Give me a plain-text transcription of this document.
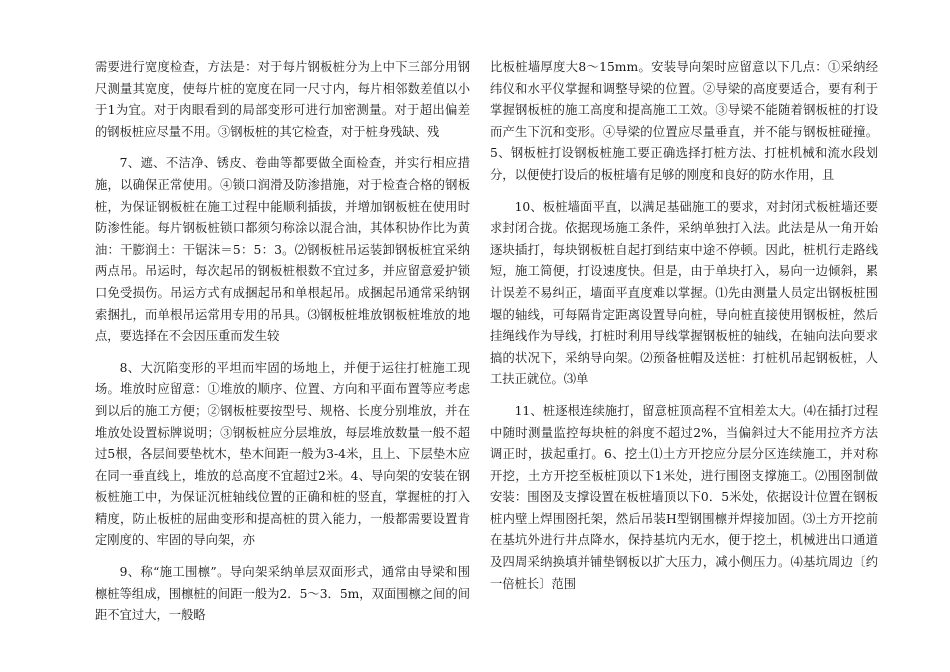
需要进行宽度检查，方法是：对于每片钢板桩分为上中下三部分用钢尺测量其宽度，使每片桩的宽度在同一尺寸内，每片相邻数差值以小于1为宜。对于肉眼看到的局部变形可进行加密测量。对于超出偏差的钢板桩应尽量不用。③钢板桩的其它检查，对于桩身残缺、残

7、遮、不洁净、锈皮、卷曲等都要做全面检查，并实行相应措施，以确保正常使用。④锁口润滑及防渗措施，对于检查合格的钢板桩，为保证钢板桩在施工过程中能顺利插拔，并增加钢板桩在使用时防渗性能。每片钢板桩锁口都须匀称涂以混合油，其体积协作比为黄油：干膨润土：干锯沫＝5：5：3。⑵钢板桩吊运装卸钢板桩宜采纳两点吊。吊运时，每次起吊的钢板桩根数不宜过多，并应留意爱护锁口免受损伤。吊运方式有成捆起吊和单根起吊。成捆起吊通常采纳钢索捆扎，而单根吊运常用专用的吊具。⑶钢板桩堆放钢板桩堆放的地点，要选择在不会因压重而发生较

8、大沉陷变形的平坦而牢固的场地上，并便于运往打桩施工现场。堆放时应留意：①堆放的顺序、位置、方向和平面布置等应考虑到以后的施工方便；②钢板桩要按型号、规格、长度分别堆放，并在堆放处设置标牌说明；③钢板桩应分层堆放，每层堆放数量一般不超过5根，各层间要垫枕木，垫木间距一般为3-4米，且上、下层垫木应在同一垂直线上，堆放的总高度不宜超过2米。4、导向架的安装在钢板桩施工中，为保证沉桩轴线位置的正确和桩的竖直，掌握桩的打入精度，防止板桩的屈曲变形和提高桩的贯入能力，一般都需要设置肯定刚度的、牢固的导向架，亦

9、称“施工围檩”。导向架采纳单层双面形式，通常由导梁和围檩桩等组成，围檩桩的间距一般为2．5～3．5m，双面围檩之间的间距不宜过大，一般略

比板桩墙厚度大8～15mm。安装导向架时应留意以下几点：①采纳经纬仪和水平仪掌握和调整导梁的位置。②导梁的高度要适合，要有利于掌握钢板桩的施工高度和提高施工工效。③导梁不能随着钢板桩的打设而产生下沉和变形。④导梁的位置应尽量垂直，并不能与钢板桩碰撞。5、钢板桩打设钢板桩施工要正确选择打桩方法、打桩机械和流水段划分，以便使打设后的板桩墙有足够的刚度和良好的防水作用，且

10、板桩墙面平直，以满足基础施工的要求，对封闭式板桩墙还要求封闭合拢。依据现场施工条件，采纳单独打入法。此法是从一角开始逐块插打，每块钢板桩自起打到结束中途不停顿。因此，桩机行走路线短，施工简便，打设速度快。但是，由于单块打入，易向一边倾斜，累计误差不易纠正，墙面平直度难以掌握。⑴先由测量人员定出钢板桩围堰的轴线，可每隔肯定距离设置导向桩，导向桩直接使用钢板桩，然后挂绳线作为导线，打桩时利用导线掌握钢板桩的轴线，在轴向法向要求搞的状况下，采纳导向架。⑵预备桩帽及送桩：打桩机吊起钢板桩，人工扶正就位。⑶单

11、桩逐根连续施打，留意桩顶高程不宜相差太大。⑷在插打过程中随时测量监控每块桩的斜度不超过2%，当偏斜过大不能用拉齐方法调正时，拔起重打。6、挖土⑴土方开挖应分层分区连续施工，并对称开挖，土方开挖至板桩顶以下1米处，进行围囹支撑施工。⑵围囹制做安装：围囹及支撑设置在板桩墙顶以下0．5米处，依据设计位置在钢板桩内壁上焊围囹托架，然后吊装H型钢围檩并焊接加固。⑶土方开挖前在基坑外进行井点降水，保持基坑内无水，便于挖土，机械进出口通道及四周采纳换填并铺垫钢板以扩大压力，减小侧压力。⑷基坑周边〔约一倍桩长〕范围
